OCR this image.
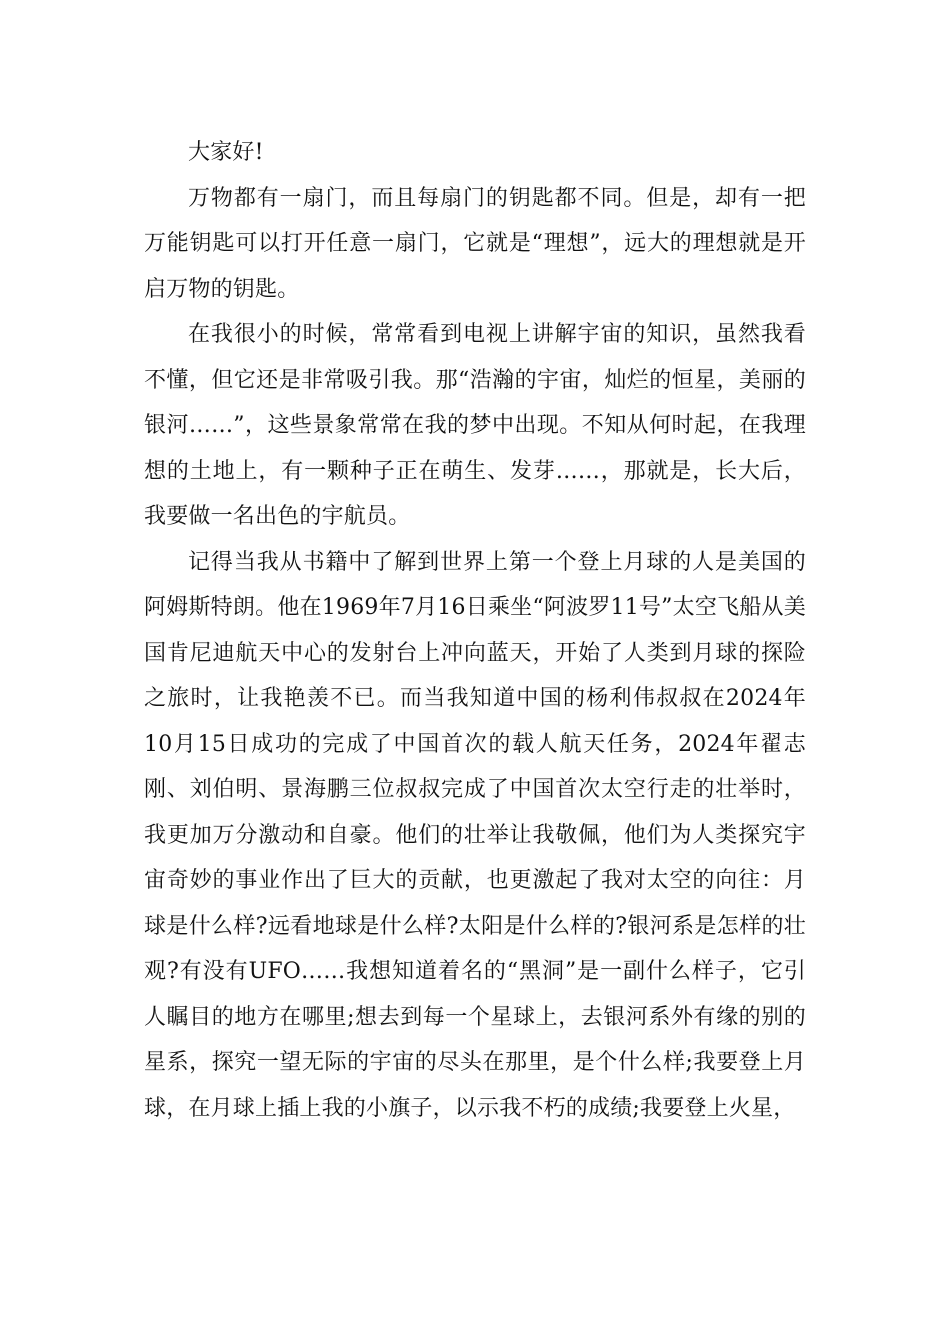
大家好!

万物都有一扇门，而且每扇门的钥匙都不同。但是，却有一把万能钥匙可以打开任意一扇门，它就是“理想”，远大的理想就是开启万物的钥匙。

在我很小的时候，常常看到电视上讲解宇宙的知识，虽然我看不懂，但它还是非常吸引我。那“浩瀚的宇宙，灿烂的恒星，美丽的银河……”，这些景象常常在我的梦中出现。不知从何时起，在我理想的土地上，有一颗种子正在萌生、发芽……，那就是，长大后，我要做一名出色的宇航员。

记得当我从书籍中了解到世界上第一个登上月球的人是美国的阿姆斯特朗。他在1969年7月16日乘坐“阿波罗11号”太空飞船从美国肯尼迪航天中心的发射台上冲向蓝天，开始了人类到月球的探险之旅时，让我艳羡不已。而当我知道中国的杨利伟叔叔在2024年10月15日成功的完成了中国首次的载人航天任务，2024年翟志刚、刘伯明、景海鹏三位叔叔完成了中国首次太空行走的壮举时，我更加万分激动和自豪。他们的壮举让我敬佩，他们为人类探究宇宙奇妙的事业作出了巨大的贡献，也更激起了我对太空的向往：月球是什么样?远看地球是什么样?太阳是什么样的?银河系是怎样的壮观?有没有UFO……我想知道着名的“黑洞”是一副什么样子，它引人瞩目的地方在哪里;想去到每一个星球上，去银河系外有缘的别的星系，探究一望无际的宇宙的尽头在那里，是个什么样;我要登上月球，在月球上插上我的小旗子，以示我不朽的成绩;我要登上火星，
